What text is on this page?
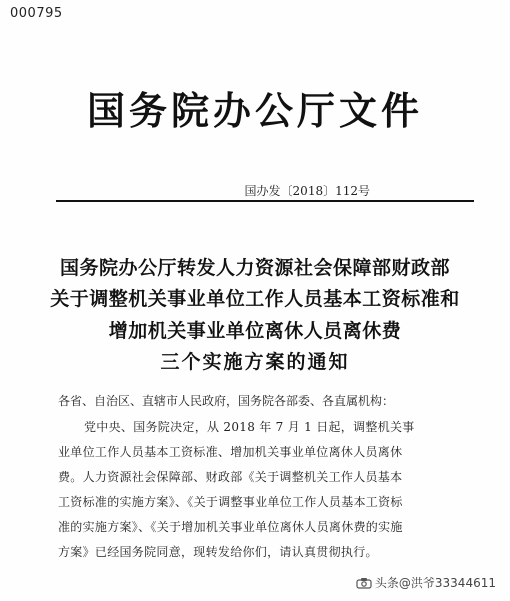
000795
国务院办公厅文件
国办发〔2018〕112号
国务院办公厅转发人力资源社会保障部财政部
关于调整机关事业单位工作人员基本工资标准和
增加机关事业单位离休人员离休费
三个实施方案的通知
各省、自治区、直辖市人民政府，国务院各部委、各直属机构：
党中央、国务院决定，从 2018 年 7 月 1 日起，调整机关事
业单位工作人员基本工资标准、增加机关事业单位离休人员离休
费。人力资源社会保障部、财政部《关于调整机关工作人员基本
工资标准的实施方案》、《关于调整事业单位工作人员基本工资标
准的实施方案》、《关于增加机关事业单位离休人员离休费的实施
方案》已经国务院同意，现转发给你们，请认真贯彻执行。
头条@洪爷33344611
